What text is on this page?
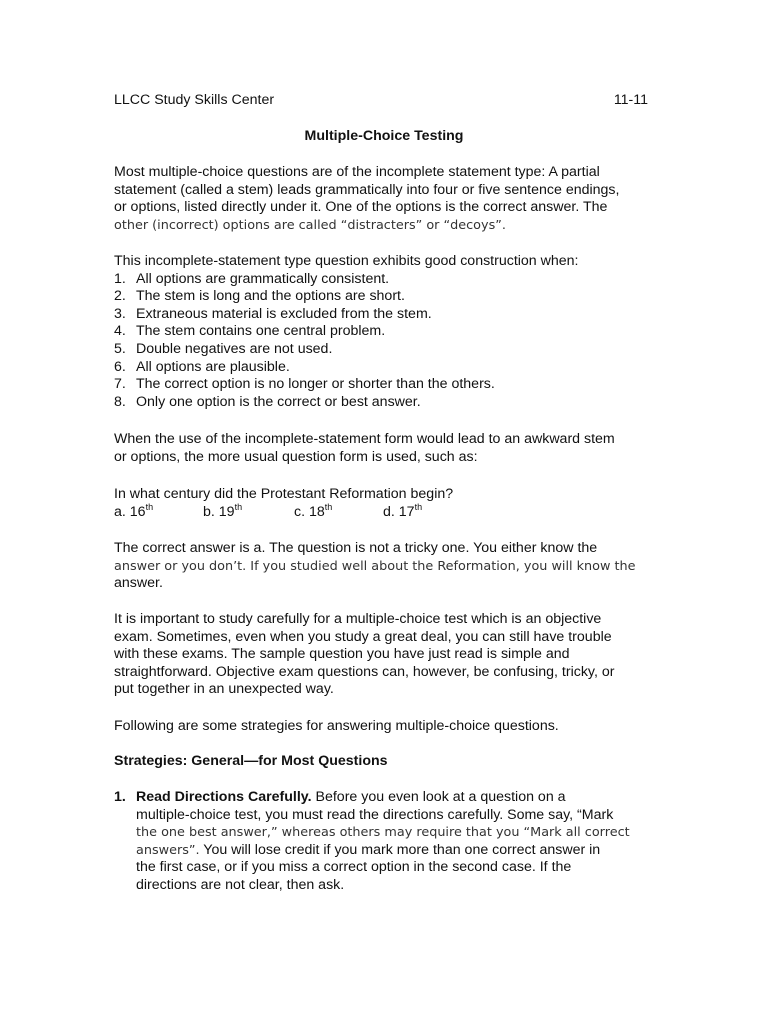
LLCC Study Skills Center	11-11
Multiple-Choice Testing

Most multiple-choice questions are of the incomplete statement type: A partial

statement (called a stem) leads grammatically into four or five sentence endings,

or options, listed directly under it. One of the options is the correct answer. The

other (incorrect) options are called “distracters” or “decoys”.

This incomplete-statement type question exhibits good construction when:

1. All options are grammatically consistent.
2. The stem is long and the options are short.
3. Extraneous material is excluded from the stem.
4. The stem contains one central problem.
5. Double negatives are not used.
6. All options are plausible.
7. The correct option is no longer or shorter than the others.
8. Only one option is the correct or best answer.

When the use of the incomplete-statement form would lead to an awkward stem

or options, the more usual question form is used, such as:

In what century did the Protestant Reformation begin?

a. 16th	b. 19th	c. 18th	d. 17th

The correct answer is a. The question is not a tricky one. You either know the

answer or you don’t. If you studied well about the Reformation, you will know the

answer.

It is important to study carefully for a multiple-choice test which is an objective

exam. Sometimes, even when you study a great deal, you can still have trouble

with these exams. The sample question you have just read is simple and

straightforward. Objective exam questions can, however, be confusing, tricky, or

put together in an unexpected way.

Following are some strategies for answering multiple-choice questions.
Strategies: General—for Most Questions
1. Read Directions Carefully. Before you even look at a question on a

multiple-choice test, you must read the directions carefully. Some say, “Mark

the one best answer,” whereas others may require that you “Mark all correct

answers”. You will lose credit if you mark more than one correct answer in

the first case, or if you miss a correct option in the second case. If the

directions are not clear, then ask.
